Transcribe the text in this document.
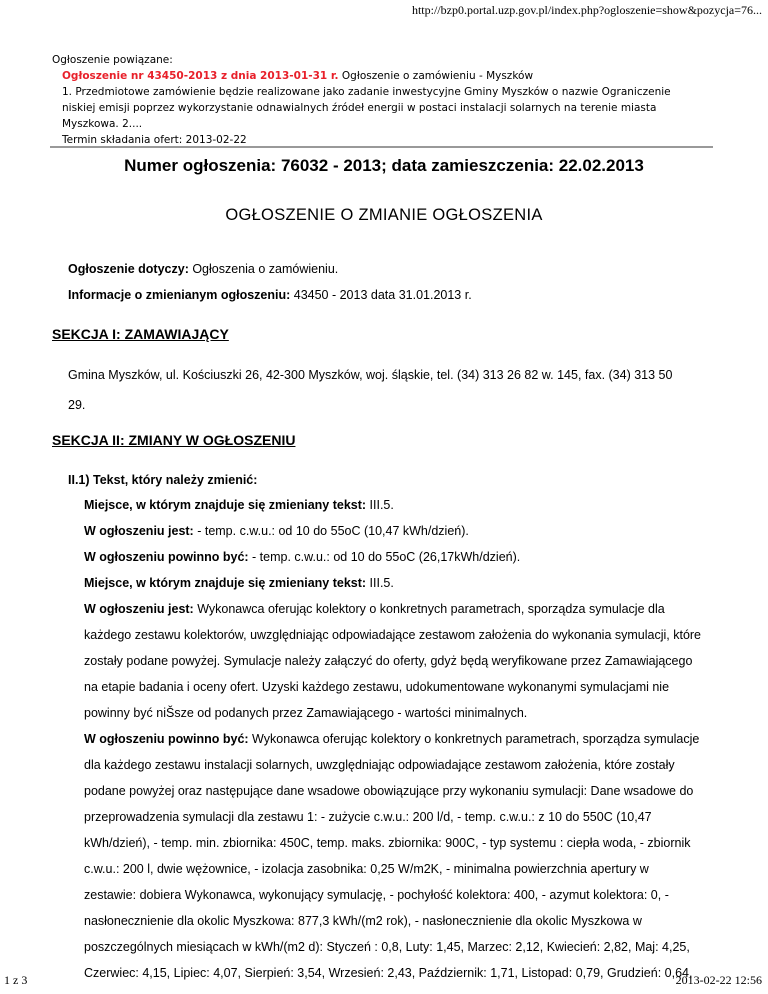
http://bzp0.portal.uzp.gov.pl/index.php?ogloszenie=show&pozycja=76...

Ogłoszenie powiązane:

Ogłoszenie nr 43450-2013 z dnia 2013-01-31 r. Ogłoszenie o zamówieniu - Myszków

1. Przedmiotowe zamówienie będzie realizowane jako zadanie inwestycyjne Gminy Myszków o nazwie Ograniczenie

niskiej emisji poprzez wykorzystanie odnawialnych źródeł energii w postaci instalacji solarnych na terenie miasta

Myszkowa. 2....

Termin składania ofert: 2013-02-22

Numer ogłoszenia: 76032 - 2013; data zamieszczenia: 22.02.2013
OGŁOSZENIE O ZMIANIE OGŁOSZENIA

Ogłoszenie dotyczy: Ogłoszenia o zamówieniu.

Informacje o zmienianym ogłoszeniu: 43450 - 2013 data 31.01.2013 r.

SEKCJA I: ZAMAWIAJĄCY

Gmina Myszków, ul. Kościuszki 26, 42-300 Myszków, woj. śląskie, tel. (34) 313 26 82 w. 145, fax. (34) 313 50

29.

SEKCJA II: ZMIANY W OGŁOSZENIU

II.1) Tekst, który należy zmienić:

Miejsce, w którym znajduje się zmieniany tekst: III.5.

W ogłoszeniu jest: - temp. c.w.u.: od 10 do 55oC (10,47 kWh/dzień).

W ogłoszeniu powinno być: - temp. c.w.u.: od 10 do 55oC (26,17kWh/dzień).

Miejsce, w którym znajduje się zmieniany tekst: III.5.

W ogłoszeniu jest: Wykonawca oferując kolektory o konkretnych parametrach, sporządza symulacje dla

każdego zestawu kolektorów, uwzględniając odpowiadające zestawom założenia do wykonania symulacji, które

zostały podane powyżej. Symulacje należy załączyć do oferty, gdyż będą weryfikowane przez Zamawiającego

na etapie badania i oceny ofert. Uzyski każdego zestawu, udokumentowane wykonanymi symulacjami nie

powinny być niŠsze od podanych przez Zamawiającego - wartości minimalnych.

W ogłoszeniu powinno być: Wykonawca oferując kolektory o konkretnych parametrach, sporządza symulacje

dla każdego zestawu instalacji solarnych, uwzględniając odpowiadające zestawom założenia, które zostały

podane powyżej oraz następujące dane wsadowe obowiązujące przy wykonaniu symulacji: Dane wsadowe do

przeprowadzenia symulacji dla zestawu 1: - zużycie c.w.u.: 200 l/d, - temp. c.w.u.: z 10 do 550C (10,47

kWh/dzień), - temp. min. zbiornika: 450C, temp. maks. zbiornika: 900C, - typ systemu : ciepła woda, - zbiornik

c.w.u.: 200 l, dwie wężownice, - izolacja zasobnika: 0,25 W/m2K, - minimalna powierzchnia apertury w

zestawie: dobiera Wykonawca, wykonujący symulację, - pochyłość kolektora: 400, - azymut kolektora: 0, -

nasłonecznienie dla okolic Myszkowa: 877,3 kWh/(m2 rok), - nasłonecznienie dla okolic Myszkowa w

poszczególnych miesiącach w kWh/(m2 d): Styczeń : 0,8, Luty: 1,45, Marzec: 2,12, Kwiecień: 2,82, Maj: 4,25,

Czerwiec: 4,15, Lipiec: 4,07, Sierpień: 3,54, Wrzesień: 2,43, Październik: 1,71, Listopad: 0,79, Grudzień: 0,64,

1 z 3	2013-02-22 12:56
